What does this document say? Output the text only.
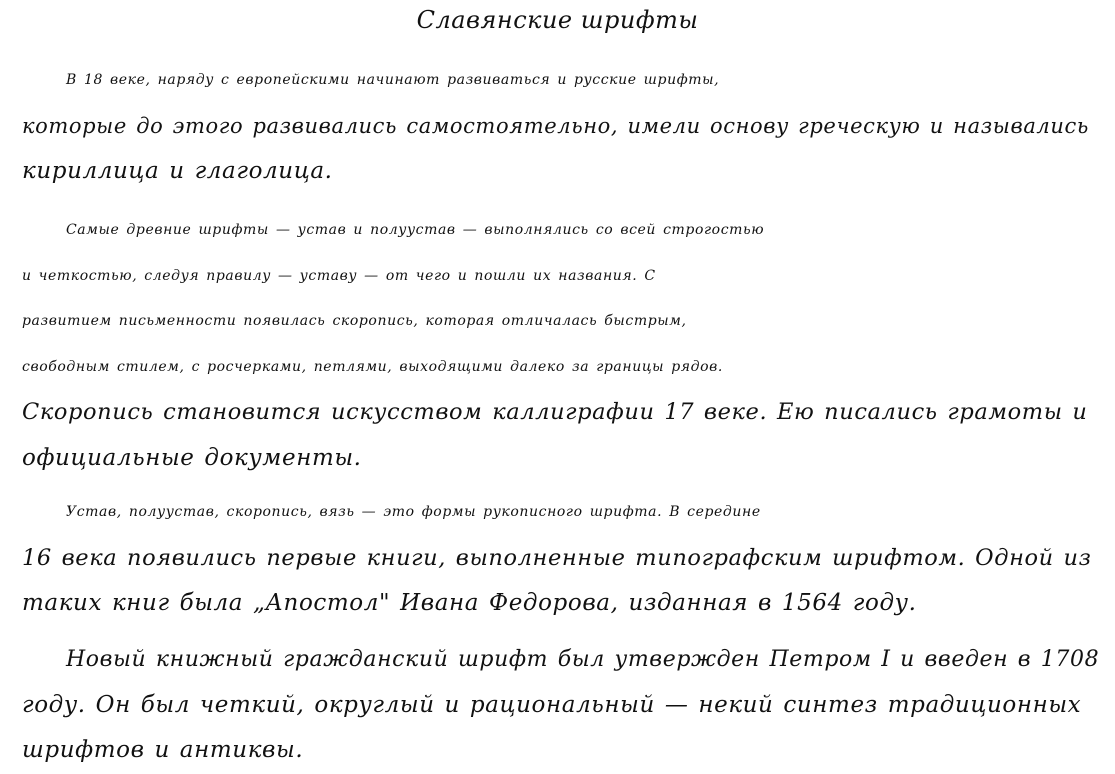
Славянские шрифты

В 18 веке, наряду с европейскими начинают развиваться и русские шрифты,
которые до этого развивались самостоятельно, имели основу греческую и назывались
кириллица и глаголица.

Самые древние шрифты — устав и полуустав — выполнялись со всей строгостью
и четкостью, следуя правилу — уставу — от чего и пошли их названия. С
развитием письменности появилась скоропись, которая отличалась быстрым,
свободным стилем, с росчерками, петлями, выходящими далеко за границы рядов.
Скоропись становится искусством каллиграфии 17 веке. Ею писались грамоты и
официальные документы.

Устав, полуустав, скоропись, вязь — это формы рукописного шрифта. В середине
16 века появились первые книги, выполненные типографским шрифтом. Одной из
таких книг была „Апостол" Ивана Федорова, изданная в 1564 году.

Новый книжный гражданский шрифт был утвержден Петром I и введен в 1708
году. Он был четкий, округлый и рациональный — некий синтез традиционных
шрифтов и антиквы.
